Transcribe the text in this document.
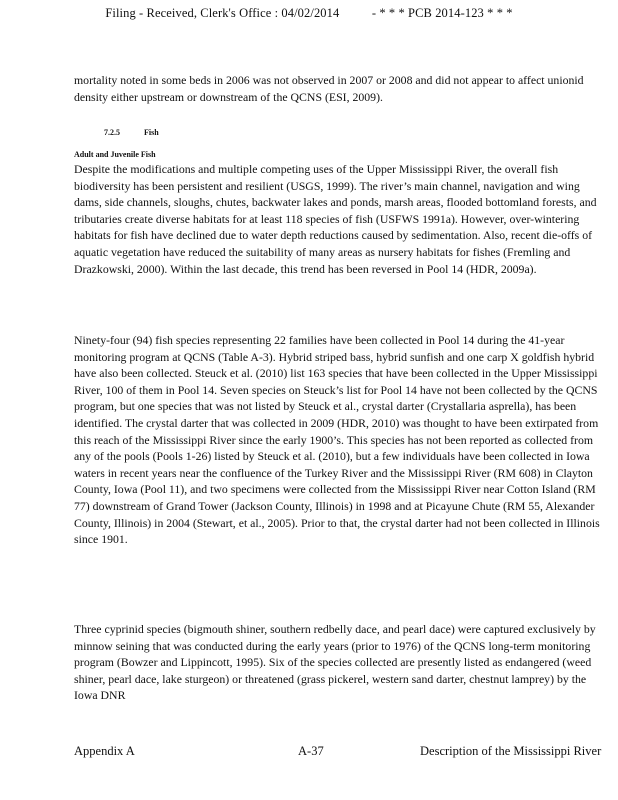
Filing - Received, Clerk's Office : 04/02/2014	- * * * PCB 2014-123 * * *

mortality noted in some beds in 2006 was not observed in 2007 or 2008 and did not appear to affect unionid density either upstream or downstream of the QCNS (ESI, 2009).

7.2.5	Fish
Adult and Juvenile Fish

Despite the modifications and multiple competing uses of the Upper Mississippi River, the overall fish biodiversity has been persistent and resilient (USGS, 1999). The river’s main channel, navigation and wing dams, side channels, sloughs, chutes, backwater lakes and ponds, marsh areas, flooded bottomland forests, and tributaries create diverse habitats for at least 118 species of fish (USFWS 1991a). However, over-wintering habitats for fish have declined due to water depth reductions caused by sedimentation. Also, recent die-offs of aquatic vegetation have reduced the suitability of many areas as nursery habitats for fishes (Fremling and Drazkowski, 2000). Within the last decade, this trend has been reversed in Pool 14 (HDR, 2009a).

Ninety-four (94) fish species representing 22 families have been collected in Pool 14 during the 41-year monitoring program at QCNS (Table A-3). Hybrid striped bass, hybrid sunfish and one carp X goldfish hybrid have also been collected. Steuck et al. (2010) list 163 species that have been collected in the Upper Mississippi River, 100 of them in Pool 14. Seven species on Steuck’s list for Pool 14 have not been collected by the QCNS program, but one species that was not listed by Steuck et al., crystal darter (Crystallaria asprella), has been identified. The crystal darter that was collected in 2009 (HDR, 2010) was thought to have been extirpated from this reach of the Mississippi River since the early 1900’s. This species has not been reported as collected from any of the pools (Pools 1-26) listed by Steuck et al. (2010), but a few individuals have been collected in Iowa waters in recent years near the confluence of the Turkey River and the Mississippi River (RM 608) in Clayton County, Iowa (Pool 11), and two specimens were collected from the Mississippi River near Cotton Island (RM 77) downstream of Grand Tower (Jackson County, Illinois) in 1998 and at Picayune Chute (RM 55, Alexander County, Illinois) in 2004 (Stewart, et al., 2005). Prior to that, the crystal darter had not been collected in Illinois since 1901.

Three cyprinid species (bigmouth shiner, southern redbelly dace, and pearl dace) were captured exclusively by minnow seining that was conducted during the early years (prior to 1976) of the QCNS long-term monitoring program (Bowzer and Lippincott, 1995). Six of the species collected are presently listed as endangered (weed shiner, pearl dace, lake sturgeon) or threatened (grass pickerel, western sand darter, chestnut lamprey) by the Iowa DNR

Appendix A	A-37	Description of the Mississippi River
